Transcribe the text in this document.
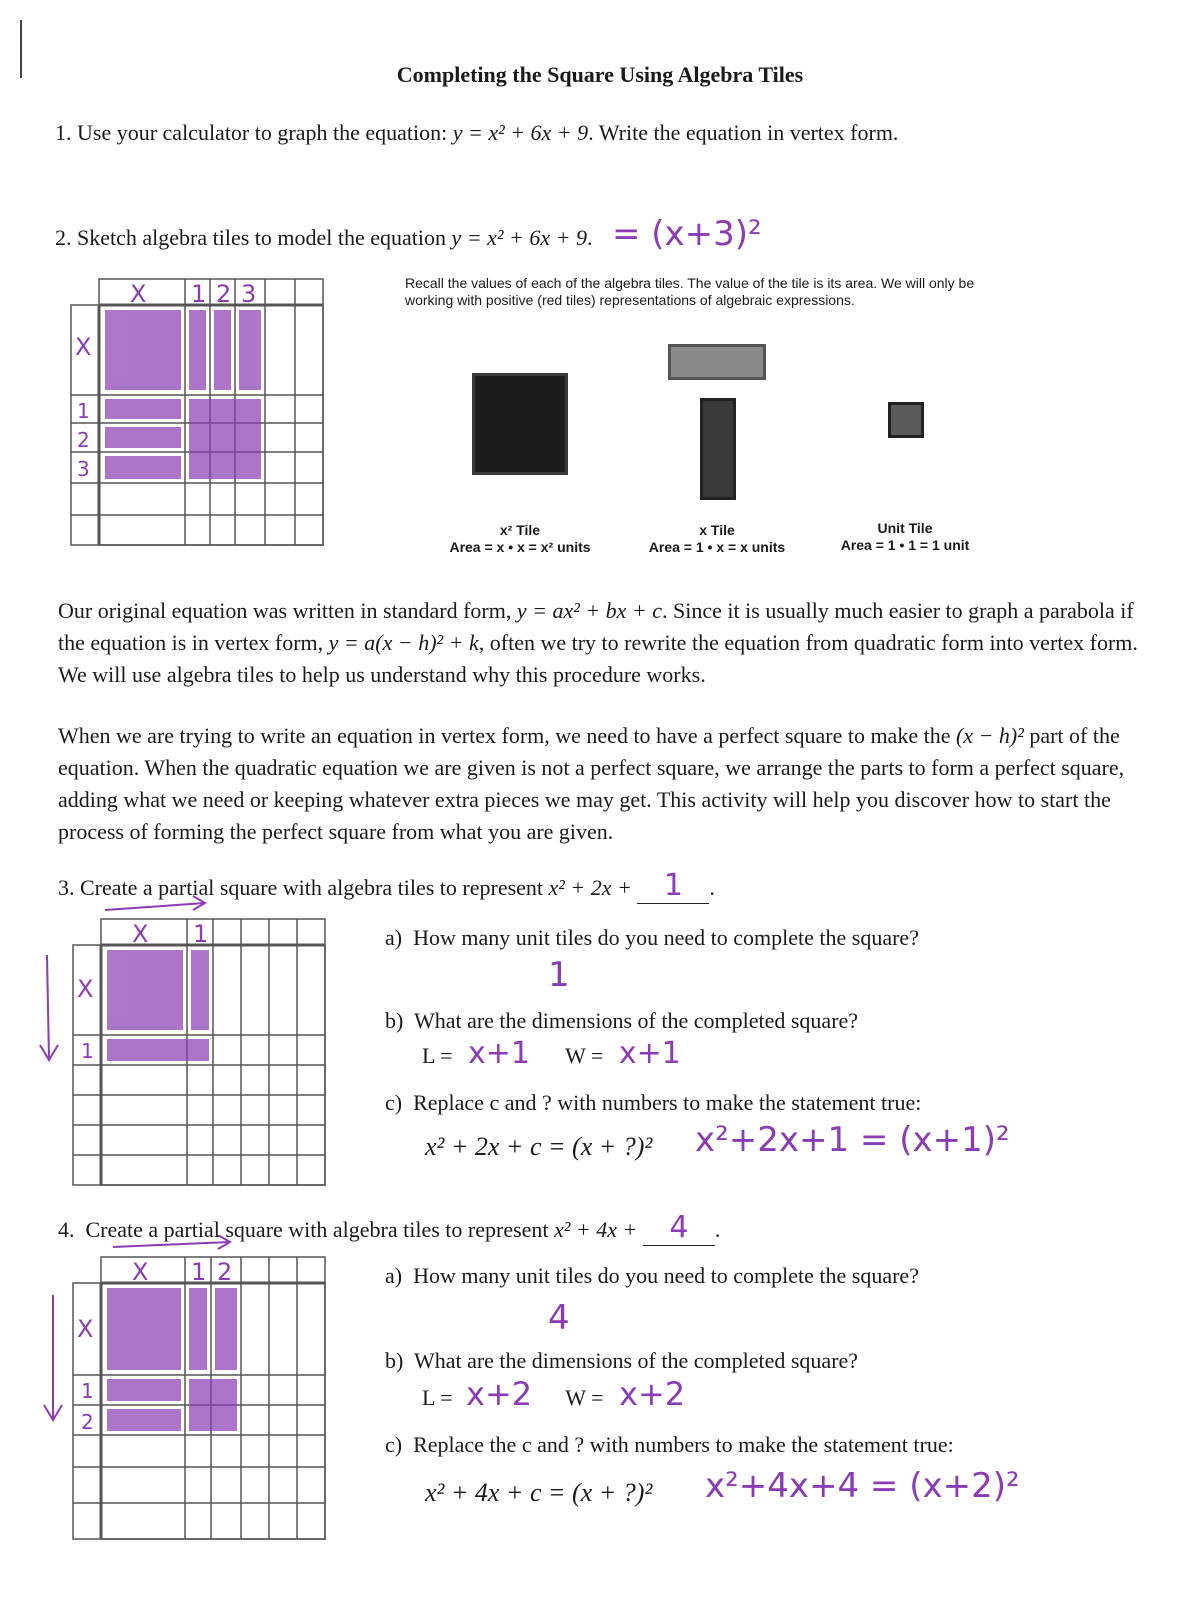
Completing the Square Using Algebra Tiles
1. Use your calculator to graph the equation: y = x² + 6x + 9. Write the equation in vertex form.
2. Sketch algebra tiles to model the equation y = x² + 6x + 9. = (x+3)²
X 1 2 3
X
1
2
3
Recall the values of each of the algebra tiles. The value of the tile is its area. We will only be working with positive (red tiles) representations of algebraic expressions.
x² Tile
Area = x • x = x² units
x Tile
Area = 1 • x = x units
Unit Tile
Area = 1 • 1 = 1 unit
Our original equation was written in standard form, y = ax² + bx + c. Since it is usually much easier to graph a parabola if the equation is in vertex form, y = a(x − h)² + k, often we try to rewrite the equation from quadratic form into vertex form. We will use algebra tiles to help us understand why this procedure works.
When we are trying to write an equation in vertex form, we need to have a perfect square to make the (x − h)² part of the equation. When the quadratic equation we are given is not a perfect square, we arrange the parts to form a perfect square, adding what we need or keeping whatever extra pieces we may get. This activity will help you discover how to start the process of forming the perfect square from what you are given.
3. Create a partial square with algebra tiles to represent x² + 2x + 1 .
X 1
X
1
a) How many unit tiles do you need to complete the square?
1
b) What are the dimensions of the completed square?
L = x+1 W = x+1
c) Replace c and ? with numbers to make the statement true:
x² + 2x + c = (x + ?)² x²+2x+1 = (x+1)²
4. Create a partial square with algebra tiles to represent x² + 4x + 4 .
X 1 2
X
1
2
a) How many unit tiles do you need to complete the square?
4
b) What are the dimensions of the completed square?
L = x+2 W = x+2
c) Replace the c and ? with numbers to make the statement true:
x² + 4x + c = (x + ?)² x²+4x+4 = (x+2)²
